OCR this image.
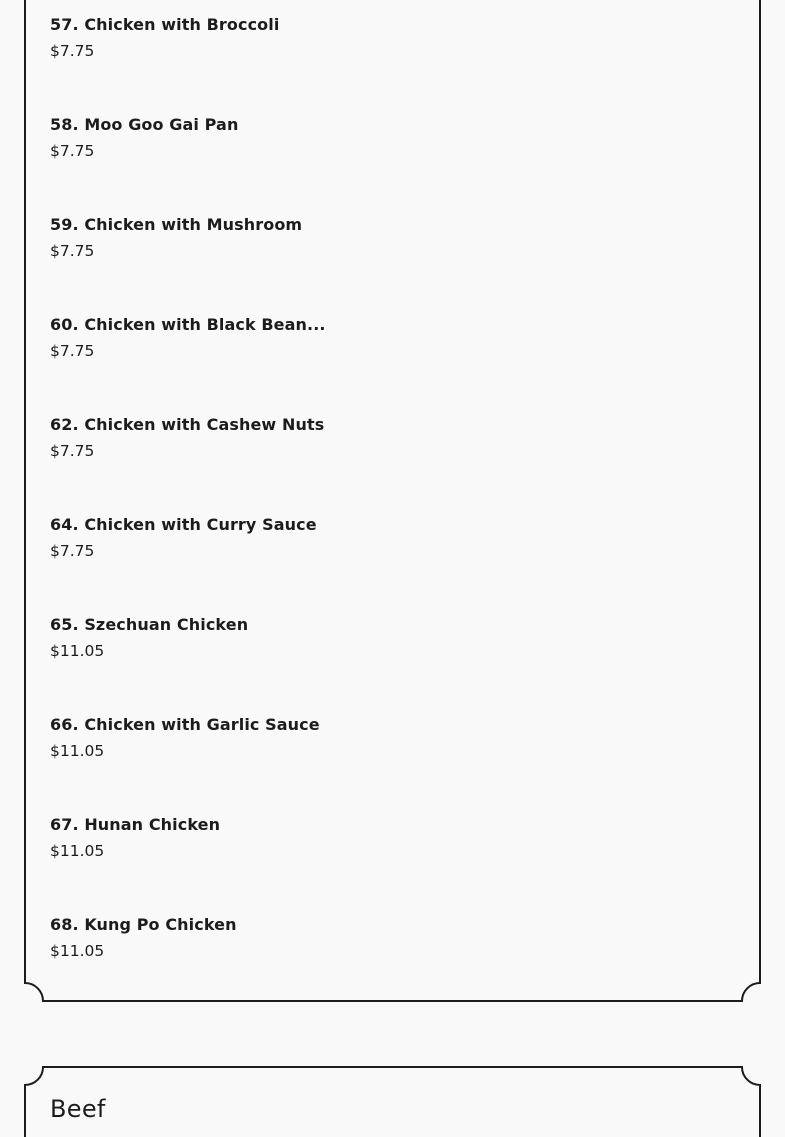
57. Chicken with Broccoli
$7.75
58. Moo Goo Gai Pan
$7.75
59. Chicken with Mushroom
$7.75
60. Chicken with Black Bean...
$7.75
62. Chicken with Cashew Nuts
$7.75
64. Chicken with Curry Sauce
$7.75
65. Szechuan Chicken
$11.05
66. Chicken with Garlic Sauce
$11.05
67. Hunan Chicken
$11.05
68. Kung Po Chicken
$11.05
Beef
